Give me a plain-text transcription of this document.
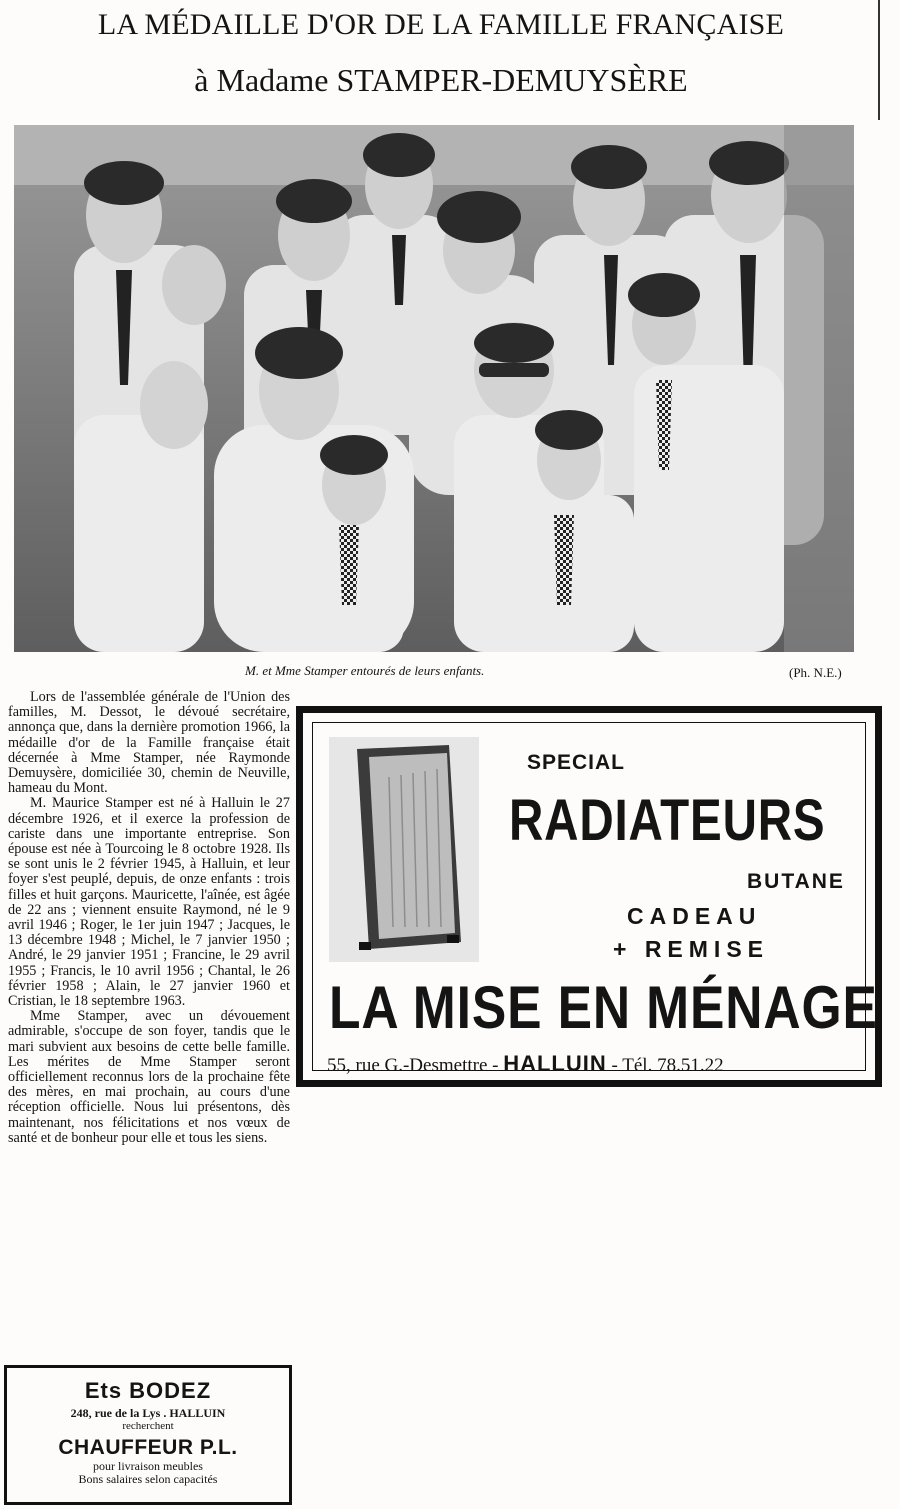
LA MÉDAILLE D'OR DE LA FAMILLE FRANÇAISE
à Madame STAMPER-DEMUYSÈRE
M. et Mme Stamper entourés de leurs enfants.	(Ph. N.E.)

Lors de l'assemblée générale de l'Union des familles, M. Dessot, le dévoué secrétaire, annonça que, dans la dernière promotion 1966, la médaille d'or de la Famille française était décernée à Mme Stamper, née Raymonde Demuysère, domiciliée 30, chemin de Neuville, hameau du Mont.

M. Maurice Stamper est né à Halluin le 27 décembre 1926, et il exerce la profession de cariste dans une importante entreprise. Son épouse est née à Tourcoing le 8 octobre 1928. Ils se sont unis le 2 février 1945, à Halluin, et leur foyer s'est peuplé, depuis, de onze enfants : trois filles et huit garçons. Mauricette, l'aînée, est âgée de 22 ans ; viennent ensuite Raymond, né le 9 avril 1946 ; Roger, le 1er juin 1947 ; Jacques, le 13 décembre 1948 ; Michel, le 7 janvier 1950 ; André, le 29 janvier 1951 ; Francine, le 29 avril 1955 ; Francis, le 10 avril 1956 ; Chantal, le 26 février 1958 ; Alain, le 27 janvier 1960 et Cristian, le 18 septembre 1963.

Mme Stamper, avec un dévouement admirable, s'occupe de son foyer, tandis que le mari subvient aux besoins de cette belle famille. Les mérites de Mme Stamper seront officiellement reconnus lors de la prochaine fête des mères, en mai prochain, au cours d'une réception officielle. Nous lui présentons, dès maintenant, nos félicitations et nos vœux de santé et de bonheur pour elle et tous les siens.

SPECIAL
RADIATEURS
BUTANE
CADEAU
+ REMISE
LA MISE EN MÉNAGE
55, rue G.-Desmettre - HALLUIN - Tél. 78.51.22
Ets BODEZ
248, rue de la Lys . HALLUIN
recherchent
CHAUFFEUR P.L.
pour livraison meubles
Bons salaires selon capacités
